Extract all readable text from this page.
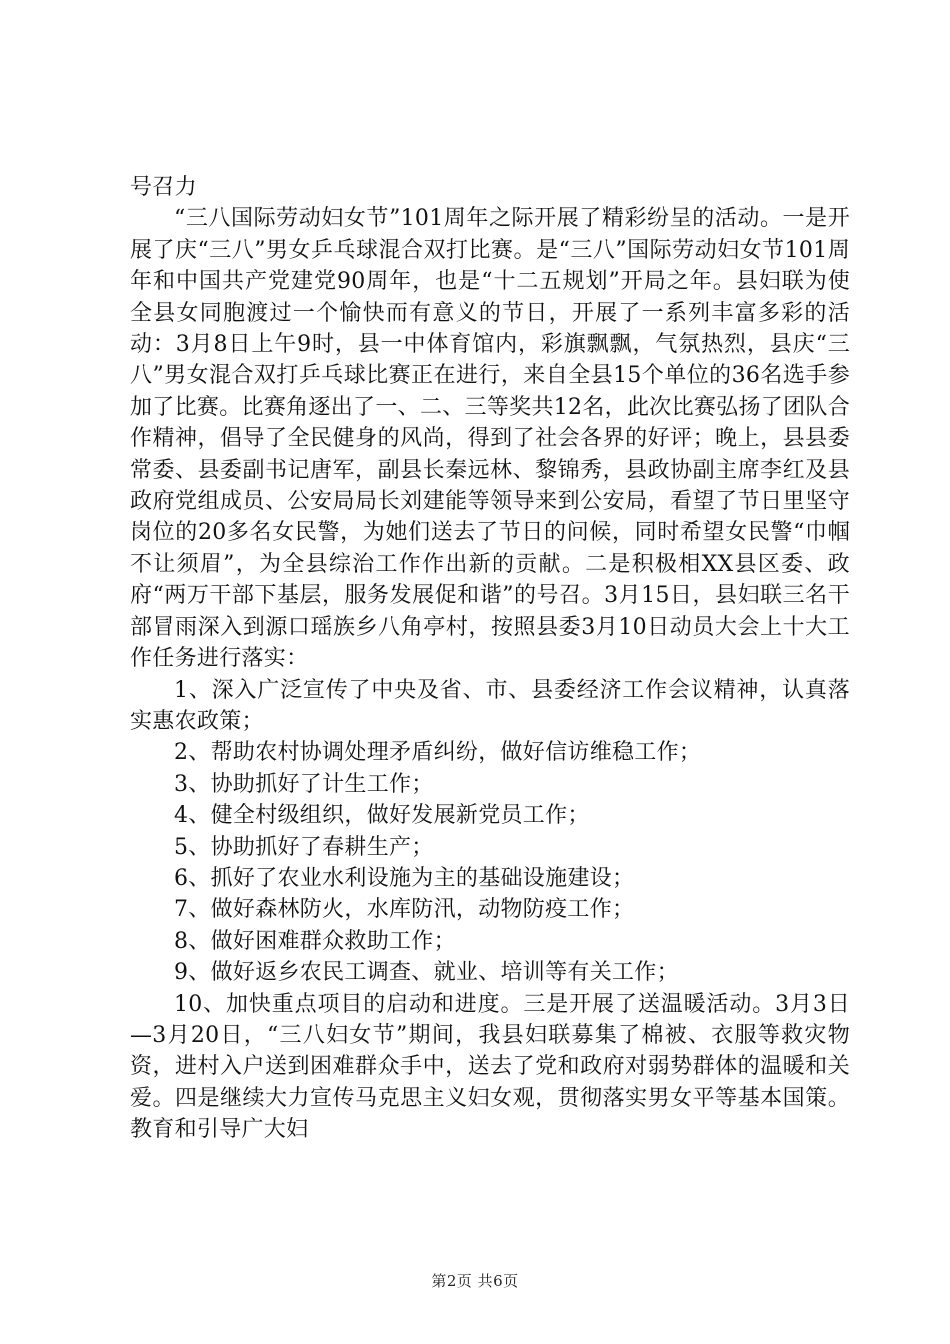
号召力

“三八国际劳动妇女节”101周年之际开展了精彩纷呈的活动。一是开展了庆“三八”男女乒乓球混合双打比赛。是“三八”国际劳动妇女节101周年和中国共产党建党90周年，也是“十二五规划”开局之年。县妇联为使全县女同胞渡过一个愉快而有意义的节日，开展了一系列丰富多彩的活动：3月8日上午9时，县一中体育馆内，彩旗飘飘，气氛热烈，县庆“三八”男女混合双打乒乓球比赛正在进行，来自全县15个单位的36名选手参加了比赛。比赛角逐出了一、二、三等奖共12名，此次比赛弘扬了团队合作精神，倡导了全民健身的风尚，得到了社会各界的好评；晚上，县县委常委、县委副书记唐军，副县长秦远林、黎锦秀，县政协副主席李红及县政府党组成员、公安局局长刘建能等领导来到公安局，看望了节日里坚守岗位的20多名女民警，为她们送去了节日的问候，同时希望女民警“巾帼不让须眉”，为全县综治工作作出新的贡献。二是积极相XX县区委、政府“两万干部下基层，服务发展促和谐”的号召。3月15日，县妇联三名干部冒雨深入到源口瑶族乡八角亭村，按照县委3月10日动员大会上十大工作任务进行落实：

1、深入广泛宣传了中央及省、市、县委经济工作会议精神，认真落实惠农政策；

2、帮助农村协调处理矛盾纠纷，做好信访维稳工作；

3、协助抓好了计生工作；

4、健全村级组织，做好发展新党员工作；

5、协助抓好了春耕生产；

6、抓好了农业水利设施为主的基础设施建设；

7、做好森林防火，水库防汛，动物防疫工作；

8、做好困难群众救助工作；

9、做好返乡农民工调查、就业、培训等有关工作；

10、加快重点项目的启动和进度。三是开展了送温暖活动。3月3日—3月20日，“三八妇女节”期间，我县妇联募集了棉被、衣服等救灾物资，进村入户送到困难群众手中，送去了党和政府对弱势群体的温暖和关爱。四是继续大力宣传马克思主义妇女观，贯彻落实男女平等基本国策。教育和引导广大妇

第2页 共6页
